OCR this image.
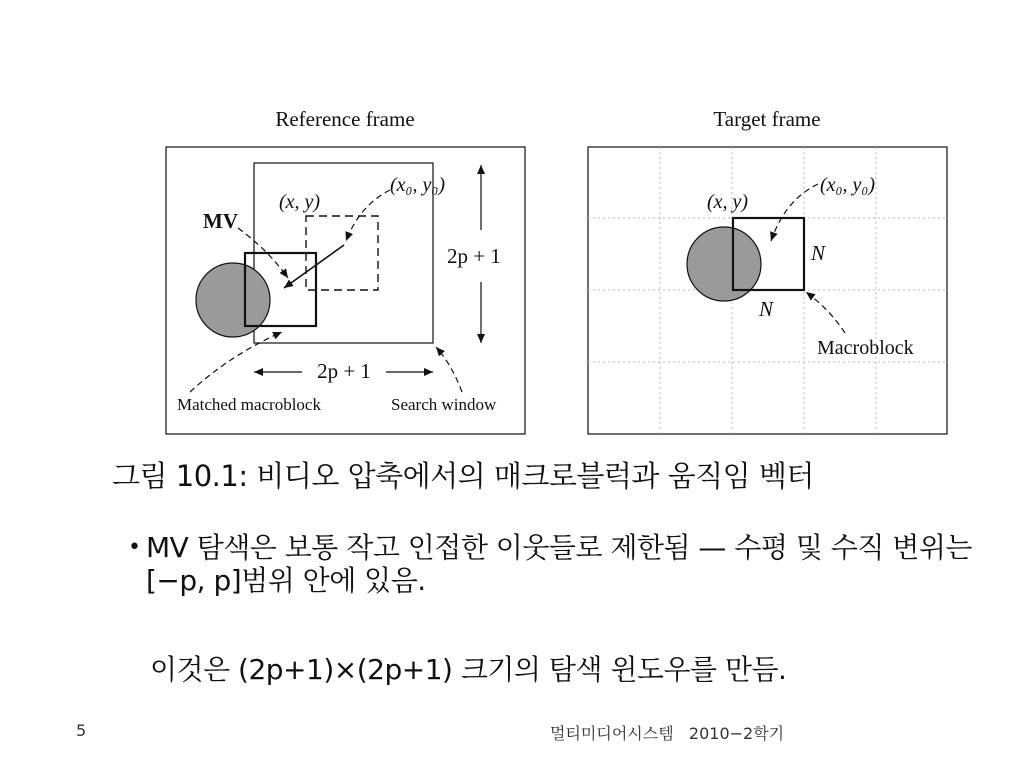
Reference frame
MV
(x, y)
(x₀, y₀)
2p + 1
2p + 1
Matched macroblock	Search window
Target frame
(x, y)
(x₀, y₀)
N
N
Macroblock
그림 10.1: 비디오 압축에서의 매크로블럭과 움직임 벡터
• MV 탐색은 보통 작고 인접한 이웃들로 제한됨 — 수평 및 수직 변위는 [−p, p]범위 안에 있음.
이것은 (2p+1)×(2p+1) 크기의 탐색 윈도우를 만듬.
5	멀티미디어시스템   2010−2학기
